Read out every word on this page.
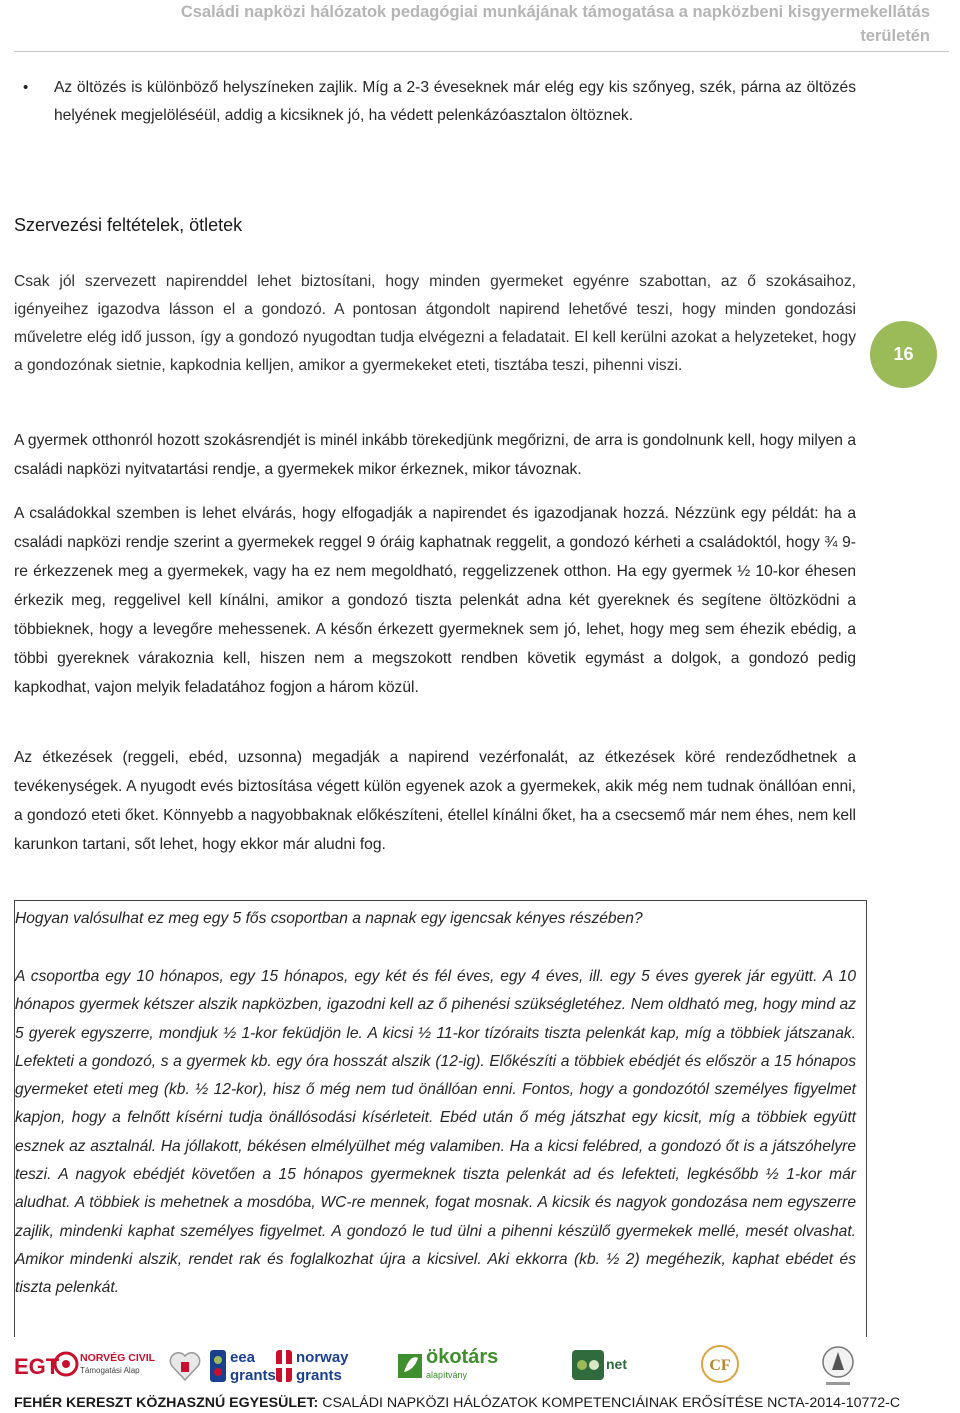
Családi napközi hálózatok pedagógiai munkájának támogatása a napközbeni kisgyermekellátás
területén
• Az öltözés is különböző helyszíneken zajlik. Míg a 2-3 éveseknek már elég egy kis szőnyeg, szék, párna az öltözés helyének megjelöléséül, addig a kicsiknek jó, ha védett pelenkázóasztalon öltöznek.

Szervezési feltételek, ötletek

Csak jól szervezett napirenddel lehet biztosítani, hogy minden gyermeket egyénre szabottan, az ő szokásaihoz, igényeihez igazodva lásson el a gondozó. A pontosan átgondolt napirend lehetővé teszi, hogy minden gondozási műveletre elég idő jusson, így a gondozó nyugodtan tudja elvégezni a feladatait. El kell kerülni azokat a helyzeteket, hogy a gondozónak sietnie, kapkodnia kelljen, amikor a gyermekeket eteti, tisztába teszi, pihenni viszi.

A gyermek otthonról hozott szokásrendjét is minél inkább törekedjünk megőrizni, de arra is gondolnunk kell, hogy milyen a családi napközi nyitvatartási rendje, a gyermekek mikor érkeznek, mikor távoznak.

A családokkal szemben is lehet elvárás, hogy elfogadják a napirendet és igazodjanak hozzá. Nézzünk egy példát: ha a családi napközi rendje szerint a gyermekek reggel 9 óráig kaphatnak reggelit, a gondozó kérheti a családoktól, hogy ¾ 9-re érkezzenek meg a gyermekek, vagy ha ez nem megoldható, reggelizzenek otthon. Ha egy gyermek ½ 10-kor éhesen érkezik meg, reggelivel kell kínálni, amikor a gondozó tiszta pelenkát adna két gyereknek és segítene öltözködni a többieknek, hogy a levegőre mehessenek. A későn érkezett gyermeknek sem jó, lehet, hogy meg sem éhezik ebédig, a többi gyereknek várakoznia kell, hiszen nem a megszokott rendben követik egymást a dolgok, a gondozó pedig kapkodhat, vajon melyik feladatához fogjon a három közül.

Az étkezések (reggeli, ebéd, uzsonna) megadják a napirend vezérfonalát, az étkezések köré rendeződhetnek a tevékenységek. A nyugodt evés biztosítása végett külön egyenek azok a gyermekek, akik még nem tudnak önállóan enni, a gondozó eteti őket. Könnyebb a nagyobbaknak előkészíteni, étellel kínálni őket, ha a csecsemő már nem éhes, nem kell karunkon tartani, sőt lehet, hogy ekkor már aludni fog.

16

Hogyan valósulhat ez meg egy 5 fős csoportban a napnak egy igencsak kényes részében?

A csoportba egy 10 hónapos, egy 15 hónapos, egy két és fél éves, egy 4 éves, ill. egy 5 éves gyerek jár együtt. A 10 hónapos gyermek kétszer alszik napközben, igazodni kell az ő pihenési szükségletéhez. Nem oldható meg, hogy mind az 5 gyerek egyszerre, mondjuk ½ 1-kor feküdjön le. A kicsi ½ 11-kor tízóraits tiszta pelenkát kap, míg a többiek játszanak. Lefekteti a gondozó, s a gyermek kb. egy óra hosszát alszik (12-ig). Előkészíti a többiek ebédjét és először a 15 hónapos gyermeket eteti meg (kb. ½ 12-kor), hisz ő még nem tud önállóan enni. Fontos, hogy a gondozótól személyes figyelmet kapjon, hogy a felnőtt kísérni tudja önállósodási kísérleteit. Ebéd után ő még játszhat egy kicsit, míg a többiek együtt esznek az asztalnál. Ha jóllakott, békésen elmélyülhet még valamiben. Ha a kicsi felébred, a gondozó őt is a játszóhelyre teszi. A nagyok ebédjét követően a 15 hónapos gyermeknek tiszta pelenkát ad és lefekteti, legkésőbb ½ 1-kor már aludhat. A többiek is mehetnek a mosdóba, WC-re mennek, fogat mosnak. A kicsik és nagyok gondozása nem egyszerre zajlik, mindenki kaphat személyes figyelmet. A gondozó le tud ülni a pihenni készülő gyermekek mellé, mesét olvashat. Amikor mindenki alszik, rendet rak és foglalkozhat újra a kicsivel. Aki ekkorra (kb. ½ 2) megéhezik, kaphat ebédet és tiszta pelenkát.

EGT NORVÉG CIVIL
Támogatási Alap
eea
grants
norway
grants
ökotárs
alapítvány
net	CF
FEHÉR KERESZT KÖZHASZNÚ EGYESÜLET: CSALÁDI NAPKÖZI HÁLÓZATOK KOMPETENCIÁINAK ERŐSÍTÉSE NCTA-2014-10772-C
